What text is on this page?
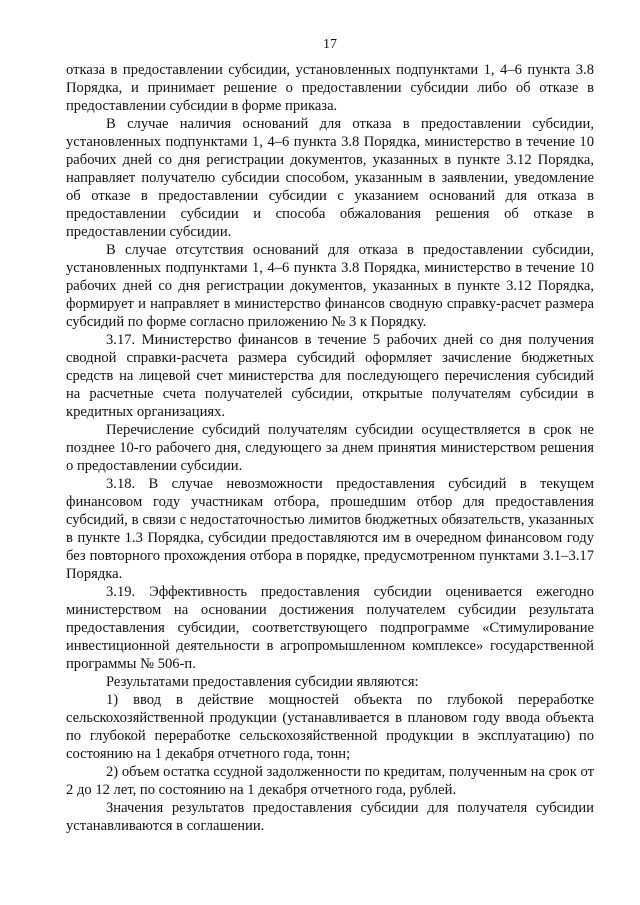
17

отказа в предоставлении субсидии, установленных подпунктами 1, 4–6 пункта 3.8 Порядка, и принимает решение о предоставлении субсидии либо об отказе в предоставлении субсидии в форме приказа.

В случае наличия оснований для отказа в предоставлении субсидии, установленных подпунктами 1, 4–6 пункта 3.8 Порядка, министерство в течение 10 рабочих дней со дня регистрации документов, указанных в пункте 3.12 Порядка, направляет получателю субсидии способом, указанным в заявлении, уведомление об отказе в предоставлении субсидии с указанием оснований для отказа в предоставлении субсидии и способа обжалования решения об отказе в предоставлении субсидии.

В случае отсутствия оснований для отказа в предоставлении субсидии, установленных подпунктами 1, 4–6 пункта 3.8 Порядка, министерство в течение 10 рабочих дней со дня регистрации документов, указанных в пункте 3.12 Порядка, формирует и направляет в министерство финансов сводную справку-расчет размера субсидий по форме согласно приложению № 3 к Порядку.

3.17. Министерство финансов в течение 5 рабочих дней со дня получения сводной справки-расчета размера субсидий оформляет зачисление бюджетных средств на лицевой счет министерства для последующего перечисления субсидий на расчетные счета получателей субсидии, открытые получателям субсидии в кредитных организациях.

Перечисление субсидий получателям субсидии осуществляется в срок не позднее 10-го рабочего дня, следующего за днем принятия министерством решения о предоставлении субсидии.

3.18. В случае невозможности предоставления субсидий в текущем финансовом году участникам отбора, прошедшим отбор для предоставления субсидий, в связи с недостаточностью лимитов бюджетных обязательств, указанных в пункте 1.3 Порядка, субсидии предоставляются им в очередном финансовом году без повторного прохождения отбора в порядке, предусмотренном пунктами 3.1–3.17 Порядка.

3.19. Эффективность предоставления субсидии оценивается ежегодно министерством на основании достижения получателем субсидии результата предоставления субсидии, соответствующего подпрограмме «Стимулирование инвестиционной деятельности в агропромышленном комплексе» государственной программы № 506-п.

Результатами предоставления субсидии являются:

1) ввод в действие мощностей объекта по глубокой переработке сельскохозяйственной продукции (устанавливается в плановом году ввода объекта по глубокой переработке сельскохозяйственной продукции в эксплуатацию) по состоянию на 1 декабря отчетного года, тонн;

2) объем остатка ссудной задолженности по кредитам, полученным на срок от 2 до 12 лет, по состоянию на 1 декабря отчетного года, рублей.

Значения результатов предоставления субсидии для получателя субсидии устанавливаются в соглашении.
